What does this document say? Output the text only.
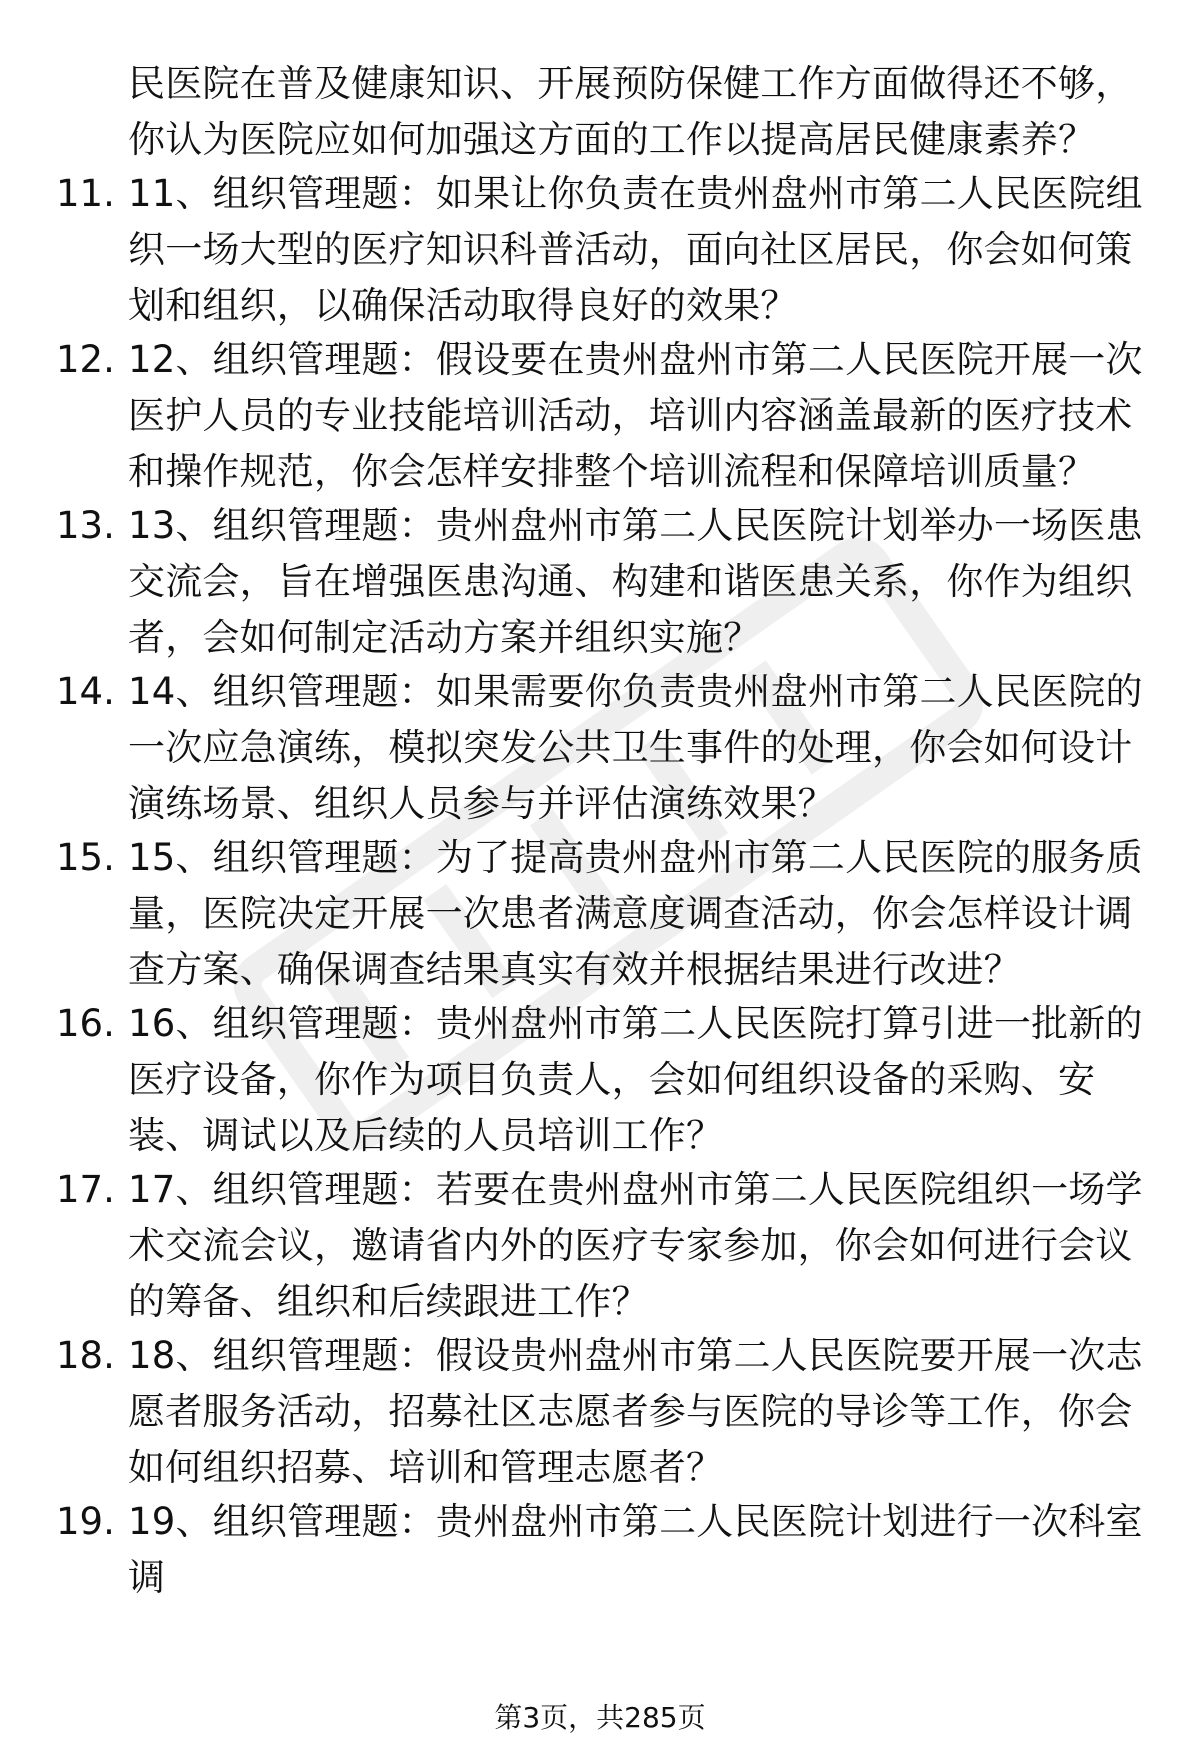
民医院在普及健康知识、开展预防保健工作方面做得还不够，你认为医院应如何加强这方面的工作以提高居民健康素养？
11. 11、组织管理题：如果让你负责在贵州盘州市第二人民医院组织一场大型的医疗知识科普活动，面向社区居民，你会如何策划和组织，以确保活动取得良好的效果？
12. 12、组织管理题：假设要在贵州盘州市第二人民医院开展一次医护人员的专业技能培训活动，培训内容涵盖最新的医疗技术和操作规范，你会怎样安排整个培训流程和保障培训质量？
13. 13、组织管理题：贵州盘州市第二人民医院计划举办一场医患交流会，旨在增强医患沟通、构建和谐医患关系，你作为组织者，会如何制定活动方案并组织实施？
14. 14、组织管理题：如果需要你负责贵州盘州市第二人民医院的一次应急演练，模拟突发公共卫生事件的处理，你会如何设计演练场景、组织人员参与并评估演练效果？
15. 15、组织管理题：为了提高贵州盘州市第二人民医院的服务质量，医院决定开展一次患者满意度调查活动，你会怎样设计调查方案、确保调查结果真实有效并根据结果进行改进？
16. 16、组织管理题：贵州盘州市第二人民医院打算引进一批新的医疗设备，你作为项目负责人，会如何组织设备的采购、安装、调试以及后续的人员培训工作？
17. 17、组织管理题：若要在贵州盘州市第二人民医院组织一场学术交流会议，邀请省内外的医疗专家参加，你会如何进行会议的筹备、组织和后续跟进工作？
18. 18、组织管理题：假设贵州盘州市第二人民医院要开展一次志愿者服务活动，招募社区志愿者参与医院的导诊等工作，你会如何组织招募、培训和管理志愿者？
19. 19、组织管理题：贵州盘州市第二人民医院计划进行一次科室调
第3页，共285页
